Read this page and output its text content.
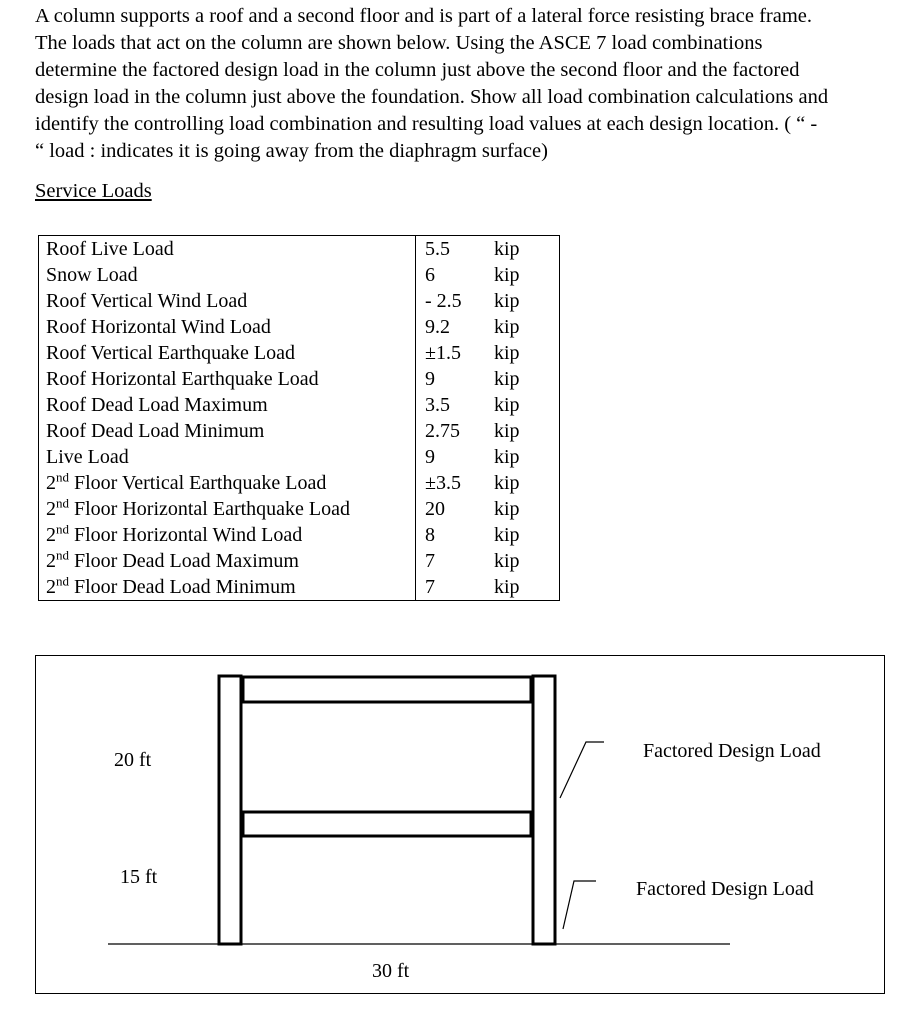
A column supports a roof and a second floor and is part of a lateral force resisting brace frame.
The loads that act on the column are shown below. Using the ASCE 7 load combinations
determine the factored design load in the column just above the second floor and the factored
design load in the column just above the foundation. Show all load combination calculations and
identify the controlling load combination and resulting load values at each design location. ( “ -
“ load : indicates it is going away from the diaphragm surface)
Service Loads
Roof Live Load	5.5	kip
Snow Load	6	kip
Roof Vertical Wind Load	- 2.5	kip
Roof Horizontal Wind Load	9.2	kip
Roof Vertical Earthquake Load	±1.5	kip
Roof Horizontal Earthquake Load	9	kip
Roof Dead Load Maximum	3.5	kip
Roof Dead Load Minimum	2.75	kip
Live Load	9	kip
2nd Floor Vertical Earthquake Load	±3.5	kip
2nd Floor Horizontal Earthquake Load	20	kip
2nd Floor Horizontal Wind Load	8	kip
2nd Floor Dead Load Maximum	7	kip
2nd Floor Dead Load Minimum	7	kip
20 ft
15 ft
30 ft
Factored Design Load
Factored Design Load
